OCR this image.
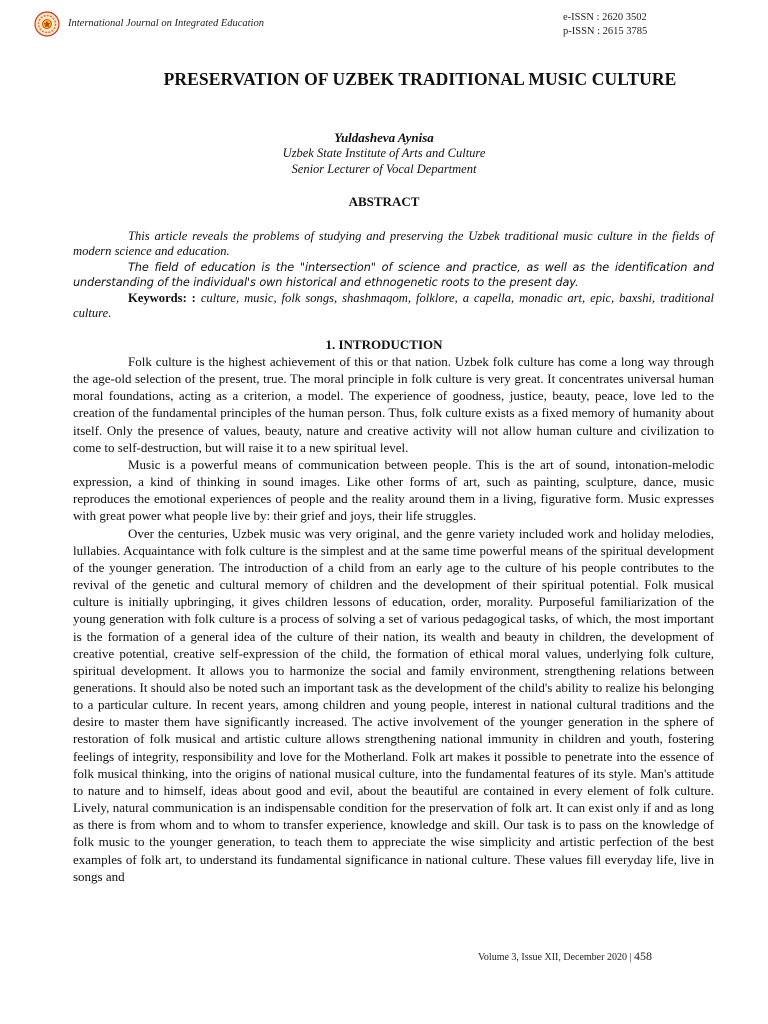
International Journal on Integrated Education
e-ISSN : 2620 3502
p-ISSN : 2615 3785
PRESERVATION OF UZBEK TRADITIONAL MUSIC CULTURE
Yuldasheva Aynisa
Uzbek State Institute of Arts and Culture
Senior Lecturer of Vocal Department
ABSTRACT

This article reveals the problems of studying and preserving the Uzbek traditional music culture in the fields of modern science and education.

The field of education is the "intersection" of science and practice, as well as the identification and understanding of the individual's own historical and ethnogenetic roots to the present day.

Keywords: : culture, music, folk songs, shashmaqom, folklore, a capella, monadic art, epic, baxshi, traditional culture.

1. INTRODUCTION

Folk culture is the highest achievement of this or that nation. Uzbek folk culture has come a long way through the age-old selection of the present, true. The moral principle in folk culture is very great. It concentrates universal human moral foundations, acting as a criterion, a model. The experience of goodness, justice, beauty, peace, love led to the creation of the fundamental principles of the human person. Thus, folk culture exists as a fixed memory of humanity about itself. Only the presence of values, beauty, nature and creative activity will not allow human culture and civilization to come to self-destruction, but will raise it to a new spiritual level.

Music is a powerful means of communication between people. This is the art of sound, intonation-melodic expression, a kind of thinking in sound images. Like other forms of art, such as painting, sculpture, dance, music reproduces the emotional experiences of people and the reality around them in a living, figurative form. Music expresses with great power what people live by: their grief and joys, their life struggles.

Over the centuries, Uzbek music was very original, and the genre variety included work and holiday melodies, lullabies. Acquaintance with folk culture is the simplest and at the same time powerful means of the spiritual development of the younger generation. The introduction of a child from an early age to the culture of his people contributes to the revival of the genetic and cultural memory of children and the development of their spiritual potential. Folk musical culture is initially upbringing, it gives children lessons of education, order, morality. Purposeful familiarization of the young generation with folk culture is a process of solving a set of various pedagogical tasks, of which, the most important is the formation of a general idea of the culture of their nation, its wealth and beauty in children, the development of creative potential, creative self-expression of the child, the formation of ethical moral values, underlying folk culture, spiritual development. It allows you to harmonize the social and family environment, strengthening relations between generations. It should also be noted such an important task as the development of the child's ability to realize his belonging to a particular culture. In recent years, among children and young people, interest in national cultural traditions and the desire to master them have significantly increased. The active involvement of the younger generation in the sphere of restoration of folk musical and artistic culture allows strengthening national immunity in children and youth, fostering feelings of integrity, responsibility and love for the Motherland. Folk art makes it possible to penetrate into the essence of folk musical thinking, into the origins of national musical culture, into the fundamental features of its style. Man's attitude to nature and to himself, ideas about good and evil, about the beautiful are contained in every element of folk culture. Lively, natural communication is an indispensable condition for the preservation of folk art. It can exist only if and as long as there is from whom and to whom to transfer experience, knowledge and skill. Our task is to pass on the knowledge of folk music to the younger generation, to teach them to appreciate the wise simplicity and artistic perfection of the best examples of folk art, to understand its fundamental significance in national culture. These values fill everyday life, live in songs and

Volume 3, Issue XII, December 2020 | 458
